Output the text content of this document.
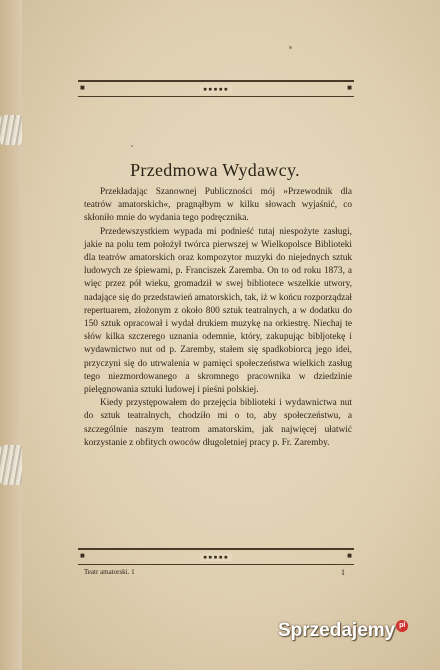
■	▪▪▪▪▪	■
Przedmowa Wydawcy.

Przekładając Szanownej Publiczności mój »Przewodnik dla teatrów amatorskich«, pragnąłbym w kilku słowach wyjaśnić, co skłoniło mnie do wydania tego podręcznika.

Przedewszystkiem wypada mi podnieść tutaj niespożyte zasługi, jakie na polu tem położył twórca pierwszej w Wielkopolsce Biblioteki dla teatrów amatorskich oraz kompozytor muzyki do niejednych sztuk ludowych ze śpiewami, p. Franciszek Zaremba. On to od roku 1873, a więc przez pół wieku, gromadził w swej bibliotece wszelkie utwory, nadające się do przedstawień amatorskich, tak, iż w końcu rozporządzał repertuarem, złożonym z około 800 sztuk teatralnych, a w dodatku do 150 sztuk opracował i wydał drukiem muzykę na orkiestrę. Niechaj te słów kilka szczerego uznania odemnie, który, zakupując bibljotekę i wydawnictwo nut od p. Zaremby, stałem się spadkobiorcą jego idei, przyczyni się do utrwalenia w pamięci społeczeństwa wielkich zasług tego niezmordowanego a skromnego pracownika w dziedzinie pielęgnowania sztuki ludowej i pieśni polskiej.

Kiedy przystępowałem do przejęcia biblioteki i wydawnictwa nut do sztuk teatralnych, chodziło mi o to, aby społeczeństwu, a szczególnie naszym teatrom amatorskim, jak najwięcej ułatwić korzystanie z obfitych owoców długoletniej pracy p. Fr. Zaremby.

■	▪▪▪▪▪	■
Teatr amatorski. 1	1
Sprzedajemy pl
